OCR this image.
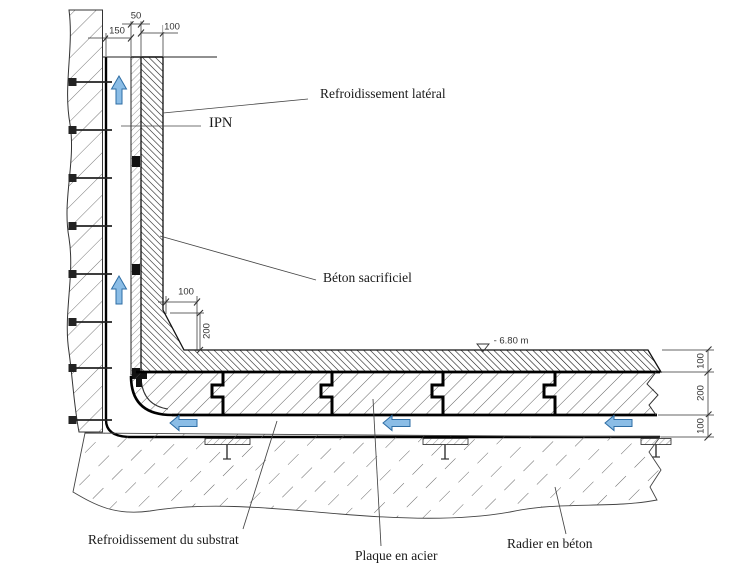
Refroidissement latéral
IPN
Béton sacrificiel
Refroidissement du substrat
Plaque en acier
Radier en béton
150
50
100
100
200
100
200
100
- 6.80 m
